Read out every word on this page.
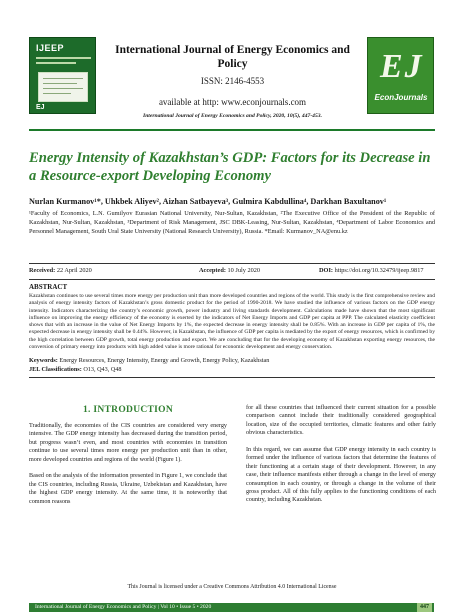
IJEEP
EJ
International Journal of Energy Economics and Policy
ISSN: 2146-4553
available at http: www.econjournals.com
International Journal of Energy Economics and Policy, 2020, 10(5), 447-453.
EJ
EconJournals
Energy Intensity of Kazakhstan’s GDP: Factors for its Decrease in a Resource-export Developing Economy
Nurlan Kurmanov¹*, Uhkbek Aliyev², Aizhan Satbayeva³, Gulmira Kabdullina⁴, Darkhan Baxultanov¹
¹Faculty of Economics, L.N. Gumilyov Eurasian National University, Nur-Sultan, Kazakhstan, ²The Executive Office of the President of the Republic of Kazakhstan, Nur-Sultan, Kazakhstan, ³Department of Risk Management, JSC DBK-Leasing, Nur-Sultan, Kazakhstan, ⁴Department of Labor Economics and Personnel Management, South Ural State University (National Research University), Russia. *Email: Kurmanov_NA@enu.kz
Received: 22 April 2020	Accepted: 10 July 2020	DOI: https://doi.org/10.32479/ijeep.9817
ABSTRACT
Kazakhstan continues to use several times more energy per production unit than more developed countries and regions of the world. This study is the first comprehensive review and analysis of energy intensity factors of Kazakhstan’s gross domestic product for the period of 1990-2018. We have studied the influence of various factors on the GDP energy intensity. Indicators characterizing the country’s economic growth, power industry and living standards development. Calculations made have shown that the most significant influence on improving the energy efficiency of the economy is exerted by the indicators of Net Energy Imports and GDP per capita at PPP. The calculated elasticity coefficient shows that with an increase in the value of Net Energy Imports by 1%, the expected decrease in energy intensity shall be 0.85%. With an increase in GDP per capita of 1%, the expected decrease in energy intensity shall be 0.44%. However, in Kazakhstan, the influence of GDP per capita is mediated by the export of energy resources, which is confirmed by the high correlation between GDP growth, total energy production and export. We are concluding that for the developing economy of Kazakhstan exporting energy resources, the conversion of primary energy into products with high added value is more rational for economic development and energy conservation.
Keywords: Energy Resources, Energy Intensity, Energy and Growth, Energy Policy, Kazakhstan
JEL Classifications: O13, Q43, Q48
1. INTRODUCTION

Traditionally, the economies of the CIS countries are considered very energy intensive. The GDP energy intensity has decreased during the transition period, but progress wasn’t even, and most countries with economies in transition continue to use several times more energy per production unit than in other, more developed countries and regions of the world (Figure 1).

Based on the analysis of the information presented in Figure 1, we conclude that the CIS countries, including Russia, Ukraine, Uzbekistan and Kazakhstan, have the highest GDP energy intensity. At the same time, it is noteworthy that common reasons

for all these countries that influenced their current situation for a possible comparison cannot include their traditionally considered geographical location, size of the occupied territories, climatic features and other fairly obvious characteristics.

In this regard, we can assume that GDP energy intensity in each country is formed under the influence of various factors that determine the features of their functioning at a certain stage of their development. However, in any case, their influence manifests either through a change in the level of energy consumption in each country, or through a change in the volume of their gross product. All of this fully applies to the functioning conditions of each country, including Kazakhstan.

This Journal is licensed under a Creative Commons Attribution 4.0 International License
International Journal of Energy Economics and Policy | Vol 10 • Issue 5 • 2020	447
